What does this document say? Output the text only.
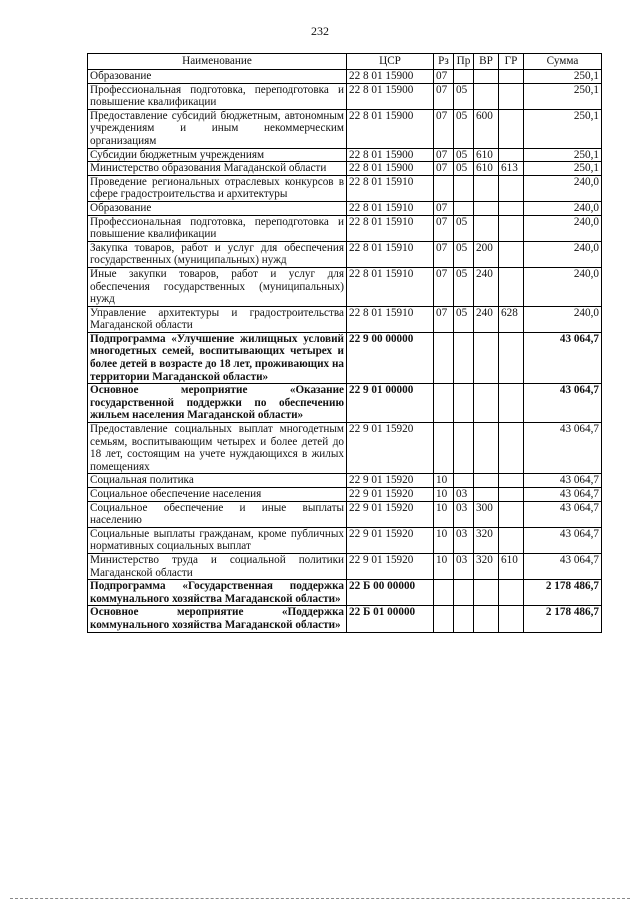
232
Наименование	ЦСР	Рз	Пр	ВР	ГР	Сумма
Образование	22 8 01 15900	07				250,1
Профессиональная подготовка, переподготовка и повышение квалификации	22 8 01 15900	07	05			250,1
Предоставление субсидий бюджетным, автономным учреждениям и иным некоммерческим организациям	22 8 01 15900	07	05	600		250,1
Субсидии бюджетным учреждениям	22 8 01 15900	07	05	610		250,1
Министерство образования Магаданской области	22 8 01 15900	07	05	610	613	250,1
Проведение региональных отраслевых конкурсов в сфере градостроительства и архитектуры	22 8 01 15910					240,0
Образование	22 8 01 15910	07				240,0
Профессиональная подготовка, переподготовка и повышение квалификации	22 8 01 15910	07	05			240,0
Закупка товаров, работ и услуг для обеспечения государственных (муниципальных) нужд	22 8 01 15910	07	05	200		240,0
Иные закупки товаров, работ и услуг для обеспечения государственных (муниципальных) нужд	22 8 01 15910	07	05	240		240,0
Управление архитектуры и градостроительства Магаданской области	22 8 01 15910	07	05	240	628	240,0
Подпрограмма «Улучшение жилищных условий многодетных семей, воспитывающих четырех и более детей в возрасте до 18 лет, проживающих на территории Магаданской области»	22 9 00 00000					43 064,7
Основное мероприятие «Оказание государственной поддержки по обеспечению жильем населения Магаданской области»	22 9 01 00000					43 064,7
Предоставление социальных выплат многодетным семьям, воспитывающим четырех и более детей до 18 лет, состоящим на учете нуждающихся в жилых помещениях	22 9 01 15920					43 064,7
Социальная политика	22 9 01 15920	10				43 064,7
Социальное обеспечение населения	22 9 01 15920	10	03			43 064,7
Социальное обеспечение и иные выплаты населению	22 9 01 15920	10	03	300		43 064,7
Социальные выплаты гражданам, кроме публичных нормативных социальных выплат	22 9 01 15920	10	03	320		43 064,7
Министерство труда и социальной политики Магаданской области	22 9 01 15920	10	03	320	610	43 064,7
Подпрограмма «Государственная поддержка коммунального хозяйства Магаданской области»	22 Б 00 00000					2 178 486,7
Основное мероприятие «Поддержка коммунального хозяйства Магаданской области»	22 Б 01 00000					2 178 486,7
